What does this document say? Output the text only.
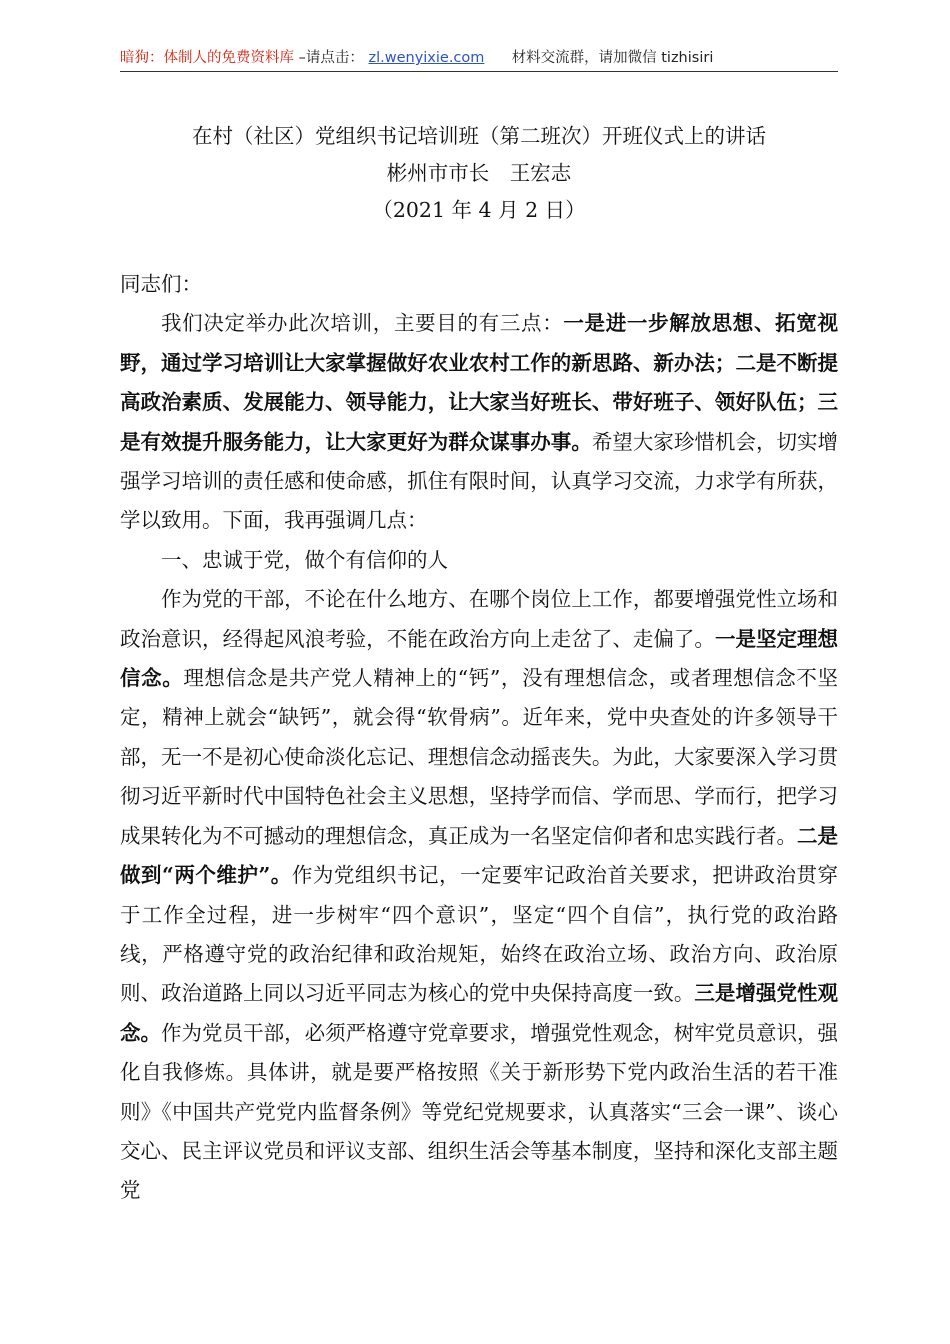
暗狗：体制人的免费资料库 –请点击： zl.wenyixie.com 材料交流群，请加微信 tizhisiri
在村（社区）党组织书记培训班（第二班次）开班仪式上的讲话
彬州市市长　王宏志
（2021 年 4 月 2 日）

同志们：

我们决定举办此次培训，主要目的有三点：一是进一步解放思想、拓宽视野，通过学习培训让大家掌握做好农业农村工作的新思路、新办法；二是不断提高政治素质、发展能力、领导能力，让大家当好班长、带好班子、领好队伍；三是有效提升服务能力，让大家更好为群众谋事办事。希望大家珍惜机会，切实增强学习培训的责任感和使命感，抓住有限时间，认真学习交流，力求学有所获，学以致用。下面，我再强调几点：

一、忠诚于党，做个有信仰的人

作为党的干部，不论在什么地方、在哪个岗位上工作，都要增强党性立场和政治意识，经得起风浪考验，不能在政治方向上走岔了、走偏了。一是坚定理想信念。理想信念是共产党人精神上的“钙”，没有理想信念，或者理想信念不坚定，精神上就会“缺钙”，就会得“软骨病”。近年来，党中央查处的许多领导干部，无一不是初心使命淡化忘记、理想信念动摇丧失。为此，大家要深入学习贯彻习近平新时代中国特色社会主义思想，坚持学而信、学而思、学而行，把学习成果转化为不可撼动的理想信念，真正成为一名坚定信仰者和忠实践行者。二是做到“两个维护”。作为党组织书记，一定要牢记政治首关要求，把讲政治贯穿于工作全过程，进一步树牢“四个意识”，坚定“四个自信”，执行党的政治路线，严格遵守党的政治纪律和政治规矩，始终在政治立场、政治方向、政治原则、政治道路上同以习近平同志为核心的党中央保持高度一致。三是增强党性观念。作为党员干部，必须严格遵守党章要求，增强党性观念，树牢党员意识，强化自我修炼。具体讲，就是要严格按照《关于新形势下党内政治生活的若干准则》《中国共产党党内监督条例》等党纪党规要求，认真落实“三会一课”、谈心交心、民主评议党员和评议支部、组织生活会等基本制度，坚持和深化支部主题党
